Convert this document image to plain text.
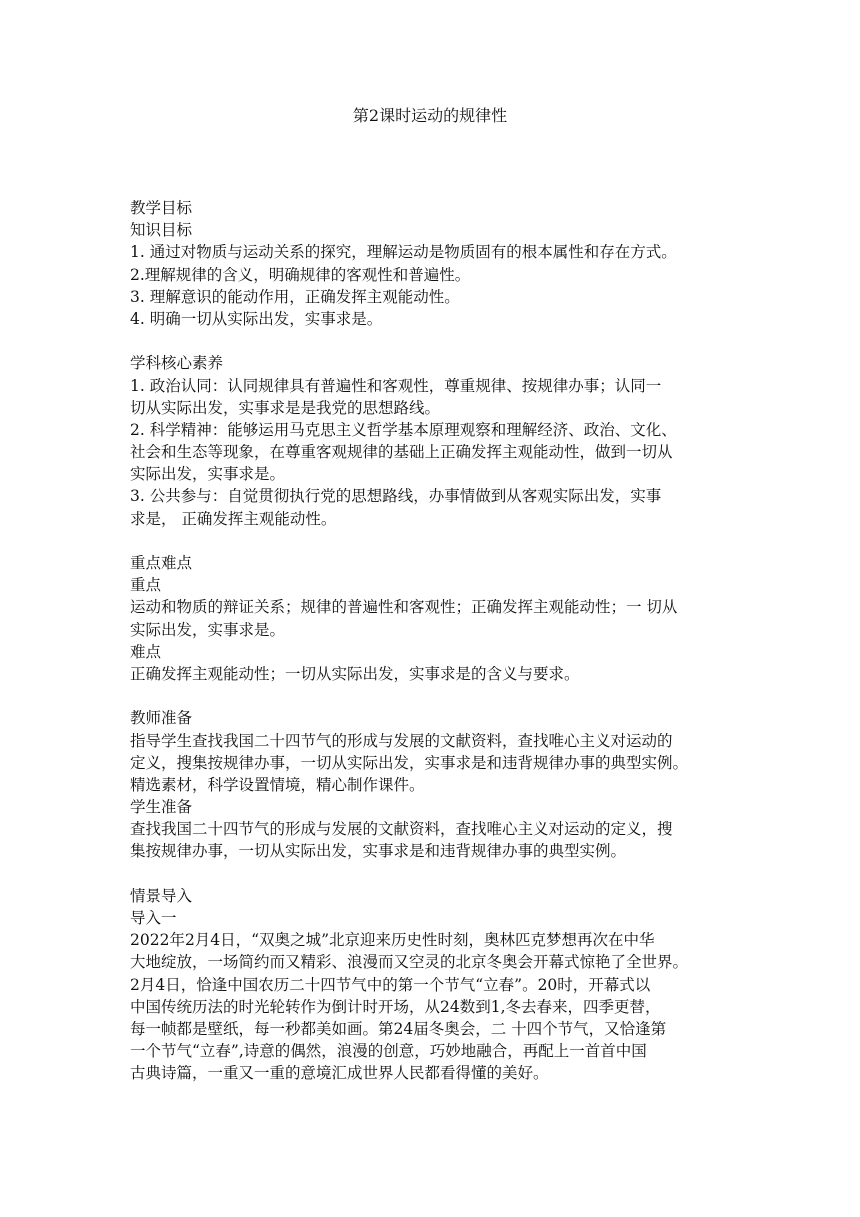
第2课时运动的规律性
教学目标
知识目标
1. 通过对物质与运动关系的探究，理解运动是物质固有的根本属性和存在方式。
2.理解规律的含义，明确规律的客观性和普遍性。
3. 理解意识的能动作用，正确发挥主观能动性。
4. 明确一切从实际出发，实事求是。
学科核心素养
1. 政治认同：认同规律具有普遍性和客观性，尊重规律、按规律办事；认同一
切从实际出发，实事求是是我党的思想路线。
2. 科学精神：能够运用马克思主义哲学基本原理观察和理解经济、政治、文化、
社会和生态等现象，在尊重客观规律的基础上正确发挥主观能动性，做到一切从
实际出发，实事求是。
3. 公共参与：自觉贯彻执行党的思想路线，办事情做到从客观实际出发，实事
求是， 正确发挥主观能动性。
重点难点
重点
运动和物质的辩证关系；规律的普遍性和客观性；正确发挥主观能动性；一 切从
实际出发，实事求是。
难点
正确发挥主观能动性；一切从实际出发，实事求是的含义与要求。
教师准备
指导学生查找我国二十四节气的形成与发展的文献资料，查找唯心主义对运动的
定义，搜集按规律办事，一切从实际出发，实事求是和违背规律办事的典型实例。
精选素材，科学设置情境，精心制作课件。
学生准备
查找我国二十四节气的形成与发展的文献资料，查找唯心主义对运动的定义，搜
集按规律办事，一切从实际出发，实事求是和违背规律办事的典型实例。
情景导入
导入一
2022年2月4日，“双奥之城”北京迎来历史性时刻，奥林匹克梦想再次在中华
大地绽放，一场简约而又精彩、浪漫而又空灵的北京冬奥会开幕式惊艳了全世界。
2月4日，恰逢中国农历二十四节气中的第一个节气“立春”。20时，开幕式以
中国传统历法的时光轮转作为倒计时开场，从24数到1,冬去春来，四季更替，
每一帧都是壁纸，每一秒都美如画。第24届冬奥会，二 十四个节气，又恰逢第
一个节气“立春”,诗意的偶然，浪漫的创意，巧妙地融合，再配上一首首中国
古典诗篇，一重又一重的意境汇成世界人民都看得懂的美好。
